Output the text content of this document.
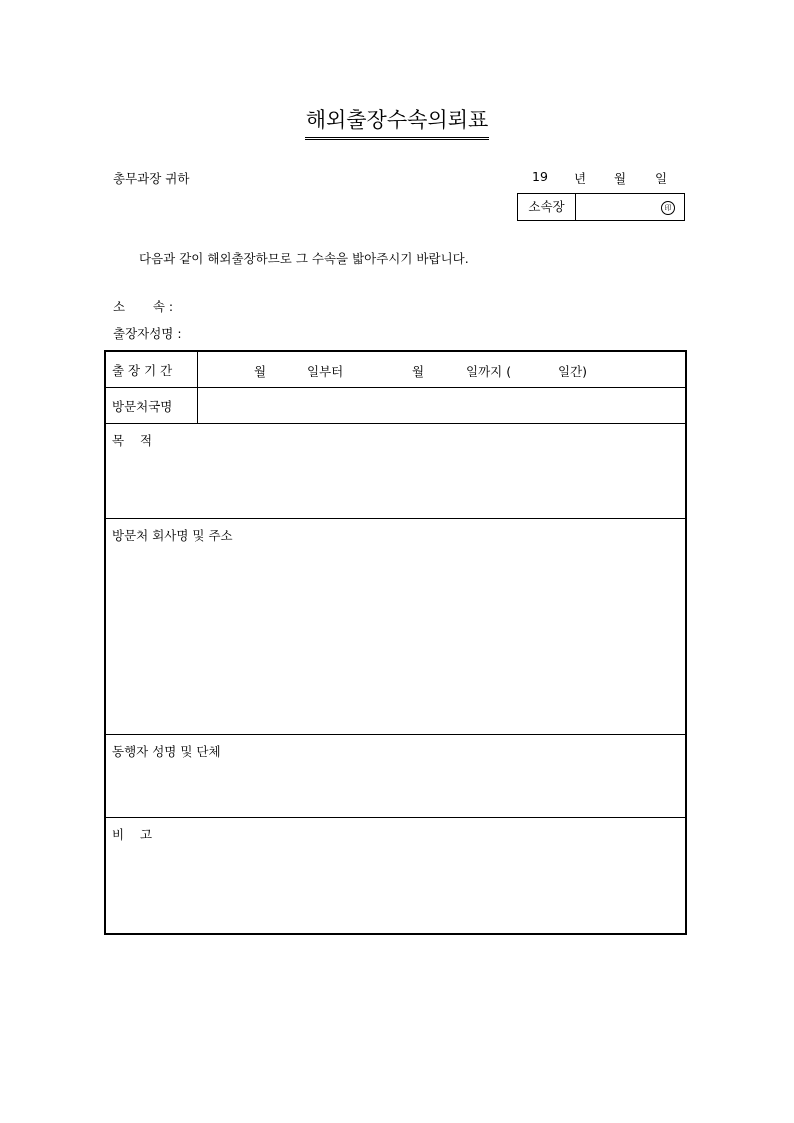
해외출장수속의뢰표
총무과장 귀하	19 년 월 일
소속장	印
다음과 같이 해외출장하므로 그 수속을 밟아주시기 바랍니다.
소       속 :
출장자성명 :
출 장 기 간	월	일부터	월	일까지 (	일간)
방문처국명
목    적
방문처 회사명 및 주소
동행자 성명 및 단체
비    고
